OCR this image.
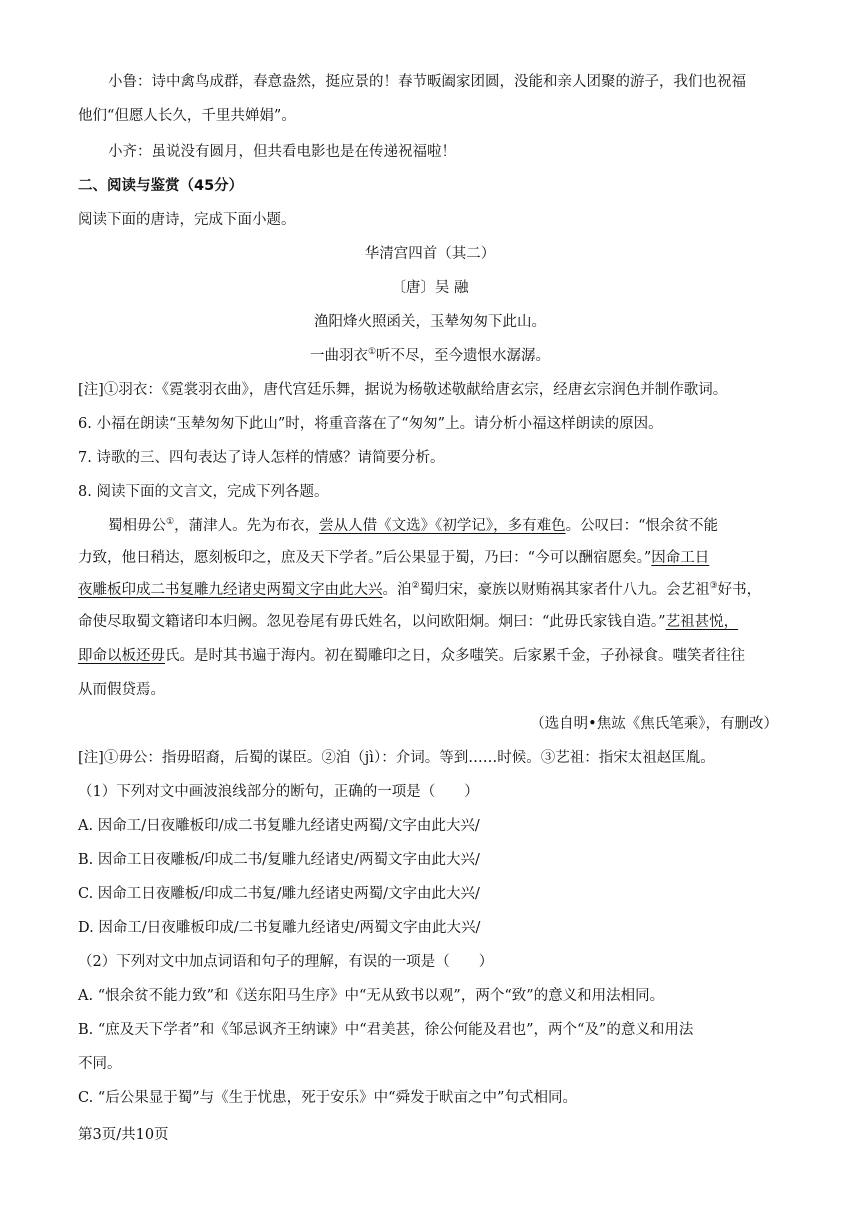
小鲁：诗中禽鸟成群，春意盎然，挺应景的！春节畈阖家团圆，没能和亲人团聚的游子，我们也祝福
他们“但愿人长久，千里共婵娟”。
小齐：虽说没有圆月，但共看电影也是在传递祝福啦！
二、阅读与鉴赏（45分）
阅读下面的唐诗，完成下面小题。
华清宫四首（其二）
〔唐〕吴 融
渔阳烽火照函关，玉辇匆匆下此山。
一曲羽衣①听不尽，至今遗恨水潺潺。
[注]①羽衣：《霓裳羽衣曲》，唐代宫廷乐舞，据说为杨敬述敬献给唐玄宗，经唐玄宗润色并制作歌词。
6. 小福在朗读“玉辇匆匆下此山”时，将重音落在了“匆匆”上。请分析小福这样朗读的原因。
7. 诗歌的三、四句表达了诗人怎样的情感？请简要分析。
8. 阅读下面的文言文，完成下列各题。
蜀相毋公①，蒲津人。先为布衣，尝从人借《文选》《初学记》，多有难色。公叹曰：“恨余贫不能
力致，他日稍达，愿刻板印之，庶及天下学者。”后公果显于蜀，乃曰：“今可以酬宿愿矣。”因命工日
夜雕板印成二书复雕九经诸史两蜀文字由此大兴。洎②蜀归宋，豪族以财贿祸其家者什八九。会艺祖③好书，
命使尽取蜀文籍诸印本归阙。忽见卷尾有毋氏姓名，以问欧阳炯。炯曰：“此毋氏家钱自造。”艺祖甚悦，
即命以板还毋氏。是时其书遍于海内。初在蜀雕印之日，众多嗤笑。后家累千金，子孙禄食。嗤笑者往往
从而假贷焉。
（选自明•焦竑《焦氏笔乘》，有删改）
[注]①毋公：指毋昭裔，后蜀的谋臣。②洎（jì）：介词。等到……时候。③艺祖：指宋太祖赵匡胤。
（1）下列对文中画波浪线部分的断句，正确的一项是（　　）
A. 因命工/日夜雕板印/成二书复雕九经诸史两蜀/文字由此大兴/
B. 因命工日夜雕板/印成二书/复雕九经诸史/两蜀文字由此大兴/
C. 因命工日夜雕板/印成二书复/雕九经诸史两蜀/文字由此大兴/
D. 因命工/日夜雕板印成/二书复雕九经诸史/两蜀文字由此大兴/
（2）下列对文中加点词语和句子的理解，有误的一项是（　　）
A. “恨余贫不能力致”和《送东阳马生序》中“无从致书以观”，两个“致”的意义和用法相同。
B. “庶及天下学者”和《邹忌讽齐王纳谏》中“君美甚，徐公何能及君也”，两个“及”的意义和用法
不同。
C. “后公果显于蜀”与《生于忧患，死于安乐》中“舜发于畎亩之中”句式相同。
第3页/共10页
